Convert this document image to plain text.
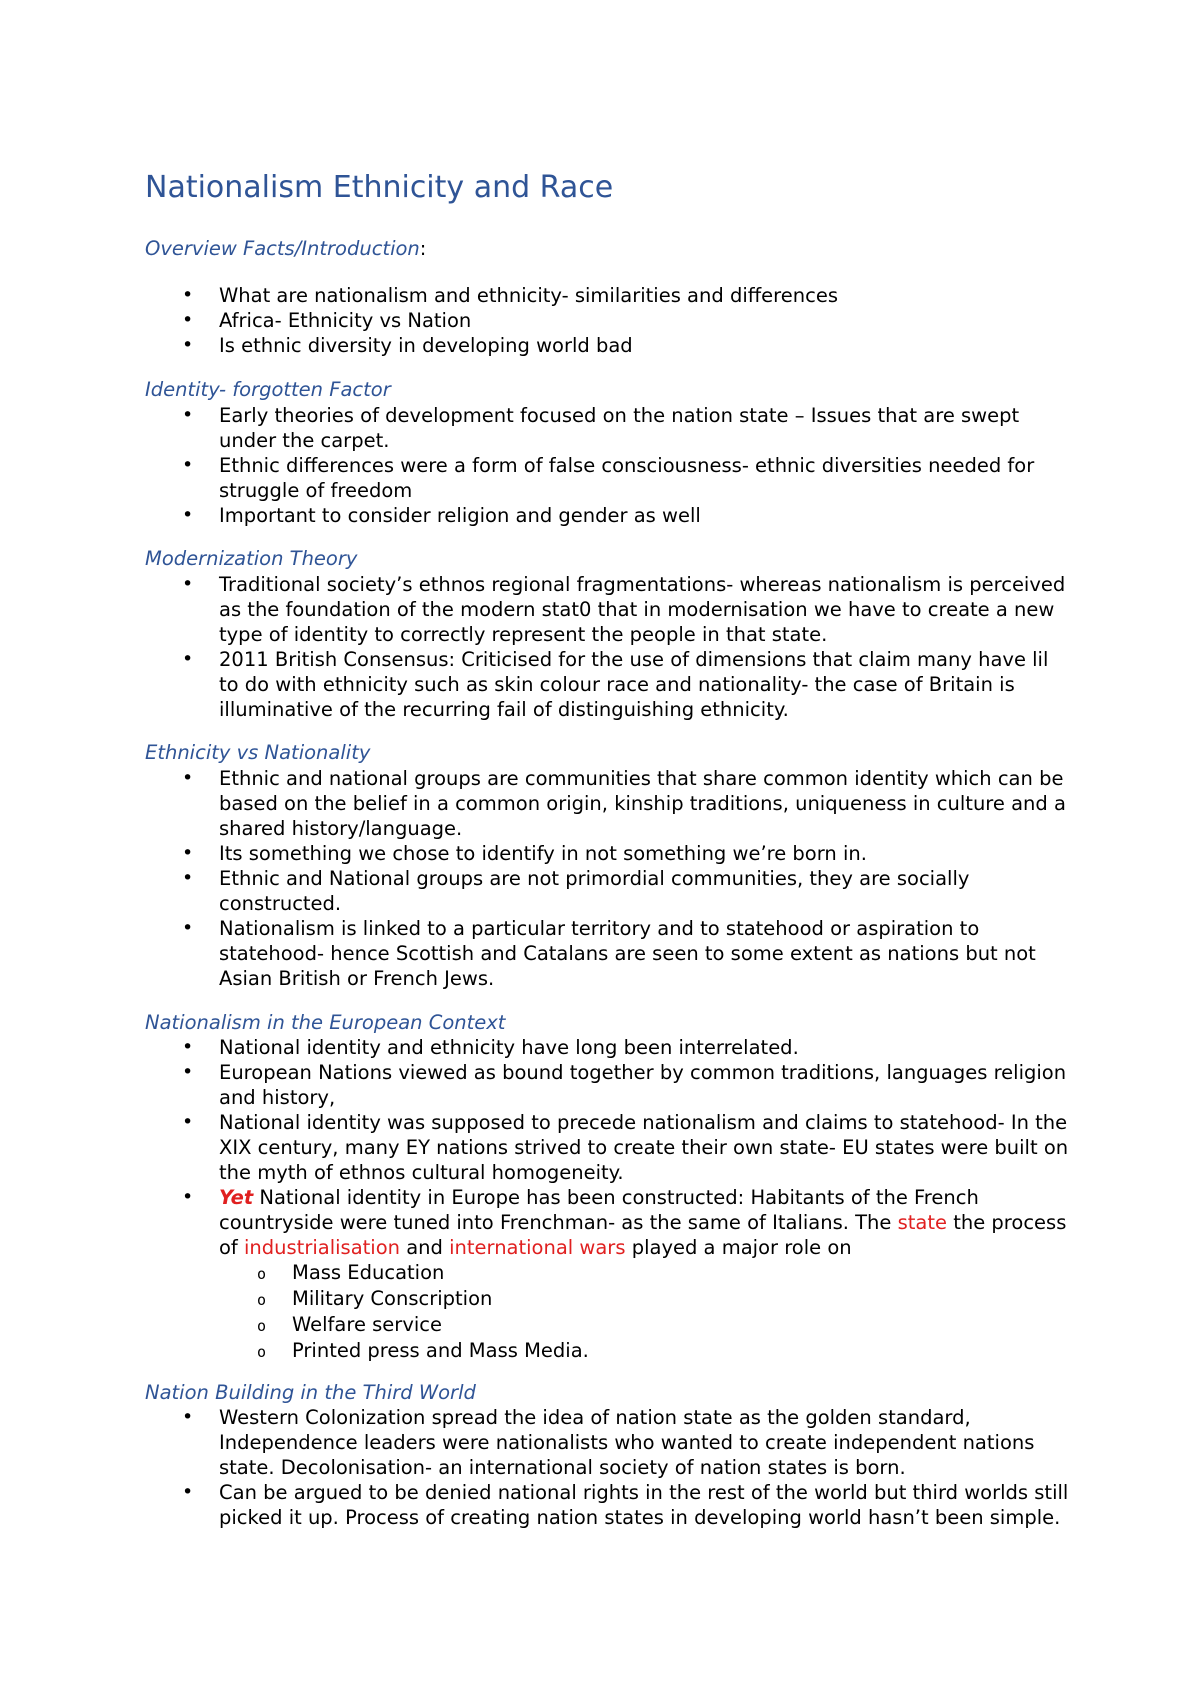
Nationalism Ethnicity and Race
Overview Facts/Introduction:
• What are nationalism and ethnicity- similarities and differences
• Africa- Ethnicity vs Nation
• Is ethnic diversity in developing world bad
Identity- forgotten Factor
• Early theories of development focused on the nation state – Issues that are swept under the carpet.
• Ethnic differences were a form of false consciousness- ethnic diversities needed for struggle of freedom
• Important to consider religion and gender as well
Modernization Theory
• Traditional society’s ethnos regional fragmentations- whereas nationalism is perceived as the foundation of the modern stat0 that in modernisation we have to create a new type of identity to correctly represent the people in that state.
• 2011 British Consensus: Criticised for the use of dimensions that claim many have lil to do with ethnicity such as skin colour race and nationality- the case of Britain is illuminative of the recurring fail of distinguishing ethnicity.
Ethnicity vs Nationality
• Ethnic and national groups are communities that share common identity which can be based on the belief in a common origin, kinship traditions, uniqueness in culture and a shared history/language.
• Its something we chose to identify in not something we’re born in.
• Ethnic and National groups are not primordial communities, they are socially constructed.
• Nationalism is linked to a particular territory and to statehood or aspiration to statehood- hence Scottish and Catalans are seen to some extent as nations but not Asian British or French Jews.
Nationalism in the European Context
• National identity and ethnicity have long been interrelated.
• European Nations viewed as bound together by common traditions, languages religion and history,
• National identity was supposed to precede nationalism and claims to statehood- In the XIX century, many EY nations strived to create their own state- EU states were built on the myth of ethnos cultural homogeneity.
• Yet National identity in Europe has been constructed: Habitants of the French countryside were tuned into Frenchman- as the same of Italians. The state the process of industrialisation and international wars played a major role on
o Mass Education
o Military Conscription
o Welfare service
o Printed press and Mass Media.
Nation Building in the Third World
• Western Colonization spread the idea of nation state as the golden standard, Independence leaders were nationalists who wanted to create independent nations state. Decolonisation- an international society of nation states is born.
• Can be argued to be denied national rights in the rest of the world but third worlds still picked it up. Process of creating nation states in developing world hasn’t been simple.
